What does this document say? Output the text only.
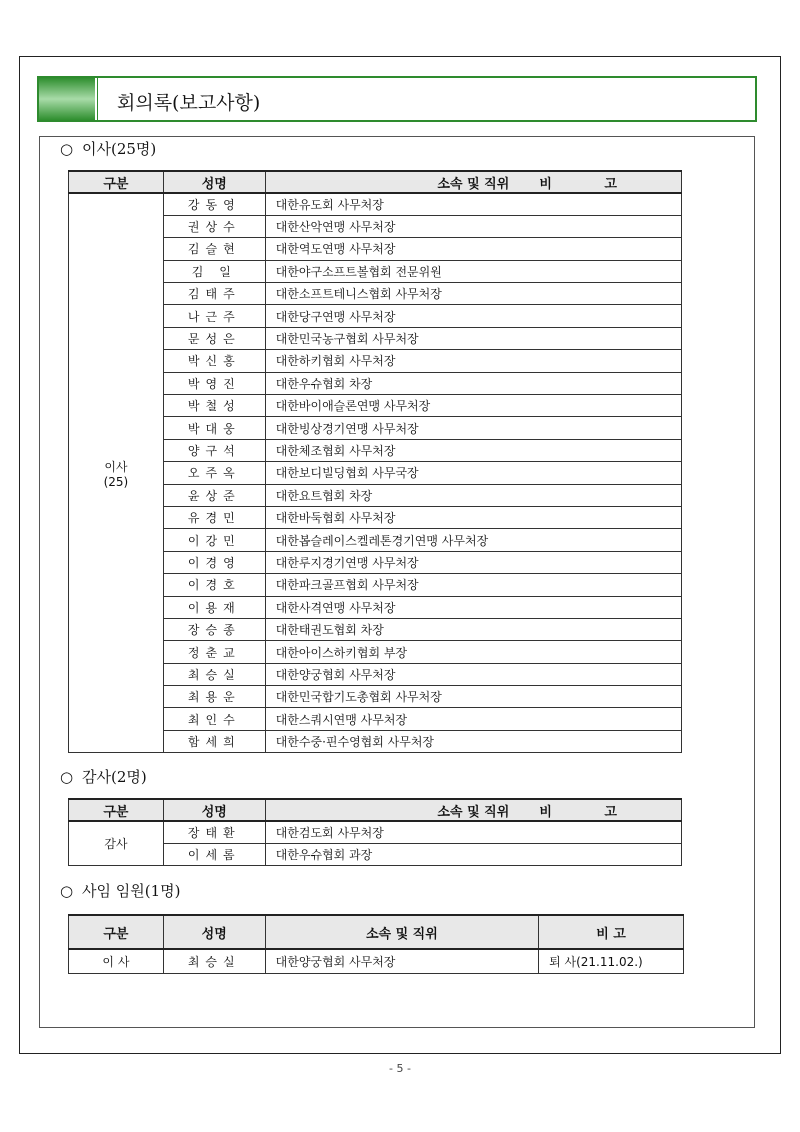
회의록(보고사항)
○ 이사(25명)
구분	성명	소속 및 직위 비 고

이사
(25)	강동영	대한유도회 사무처장
	권상수	대한산악연맹 사무처장
	김슬현	대한역도연맹 사무처장
	김 일	대한야구소프트볼협회 전문위원
	김태주	대한소프트테니스협회 사무처장
	나근주	대한당구연맹 사무처장
	문성은	대한민국농구협회 사무처장
	박신홍	대한하키협회 사무처장
	박영진	대한우슈협회 차장
	박철성	대한바이애슬론연맹 사무처장
	박대웅	대한빙상경기연맹 사무처장
	양구석	대한체조협회 사무처장
	오주옥	대한보디빌딩협회 사무국장
	윤상준	대한요트협회 차장
	유경민	대한바둑협회 사무처장
	이강민	대한봅슬레이스켈레톤경기연맹 사무처장
	이경영	대한루지경기연맹 사무처장
	이경호	대한파크골프협회 사무처장
	이용재	대한사격연맹 사무처장
	장승종	대한태권도협회 차장
	정춘교	대한아이스하키협회 부장
	최승실	대한양궁협회 사무처장
	최용운	대한민국합기도총협회 사무처장
	최인수	대한스쿼시연맹 사무처장
	함세희	대한수중·핀수영협회 사무처장
○ 감사(2명)
구분	성명	소속 및 직위 비 고

감사	장태환	대한검도회 사무처장
	이세롬	대한우슈협회 과장
○ 사임 임원(1명)
구분	성명	소속 및 직위	비 고
이 사	최승실	대한양궁협회 사무처장	퇴 사(21.11.02.)
- 5 -
